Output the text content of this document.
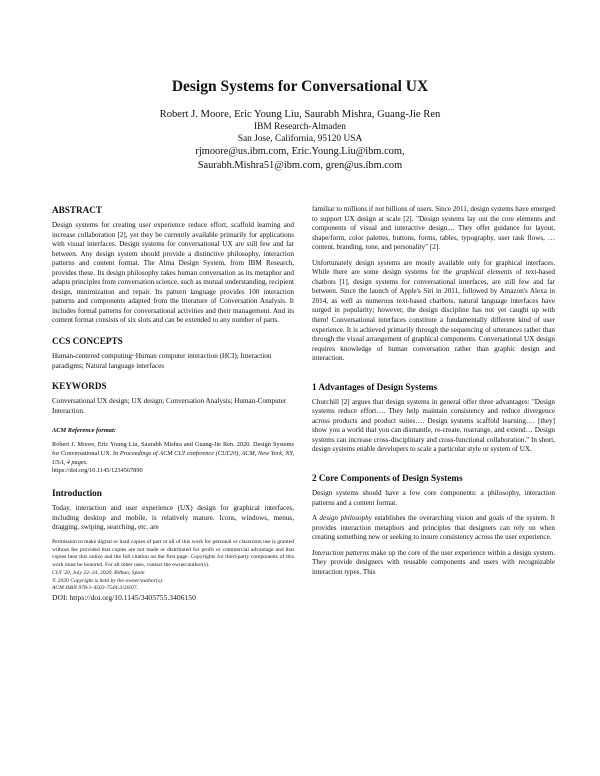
Design Systems for Conversational UX
Robert J. Moore, Eric Young Liu, Saurabh Mishra, Guang-Jie Ren
IBM Research-Almaden
San Jose, California, 95120 USA
rjmoore@us.ibm.com, Eric.Young.Liu@ibm.com,
Saurabh.Mishra51@ibm.com, gren@us.ibm.com
ABSTRACT

Design systems for creating user experience reduce effort, scaffold learning and increase collaboration [2], yet they be currently available primarily for applications with visual interfaces. Design systems for conversational UX are still few and far between. Any design system should provide a distinctive philosophy, interaction patterns and content format. The Alma Design System, from IBM Research, provides these. Its design philosophy takes human conversation as its metaphor and adapts principles from conversation science, such as mutual understanding, recipient design, minimization and repair. Its pattern language provides 100 interaction patterns and components adapted from the literature of Conversation Analysis. It includes formal patterns for conversational activities and their management. And its content format consists of six slots and can be extended to any number of parts.

CCS CONCEPTS

Human-centered computing~Human computer interaction (HCI); Interaction paradigms; Natural language interfaces

KEYWORDS

Conversational UX design; UX design; Conversation Analysis; Human-Computer Interaction.

ACM Reference format:
Robert J. Moore, Eric Young Liu, Saurabh Mishra and Guang-Jie Ren. 2020. Design Systems for Conversational UX. In Proceedings of ACM CUI conference (CUI'20), ACM, New York, NY, USA, 4 pages.
https://doi.org/10.1145/1234567890
Introduction

Today, interaction and user experience (UX) design for graphical interfaces, including desktop and mobile, is relatively mature. Icons, windows, menus, dragging, swiping, searching, etc. are

Permission to make digital or hard copies of part or all of this work for personal or classroom use is granted without fee provided that copies are not made or distributed for profit or commercial advantage and that copies bear this notice and the full citation on the first page. Copyrights for third-party components of this work must be honored. For all other uses, contact the owner/author(s).
CUI '20, July 22–24, 2020, Bilbao, Spain
© 2020 Copyright is held by the owner/author(s).
ACM ISBN 978-1-4503-7544-3/20/07.
DOI: https://doi.org/10.1145/3405755.3406150

familiar to millions if not billions of users. Since 2011, design systems have emerged to support UX design at scale [2]. "Design systems lay out the core elements and components of visual and interactive design.... They offer guidance for layout, shape/form, color palettes, buttons, forms, tables, typography, user task flows, …content, branding, tone, and personality" [2].

Unfortunately design systems are mostly available only for graphical interfaces. While there are some design systems for the graphical elements of text-based chatbots [1], design systems for conversational interfaces, are still few and far between. Since the launch of Apple's Siri in 2011, followed by Amazon's Alexa in 2014, as well as numerous text-based chatbots, natural language interfaces have surged in popularity; however, the design discipline has not yet caught up with them! Conversational interfaces constitute a fundamentally different kind of user experience. It is achieved primarily through the sequencing of utterances rather than through the visual arrangement of graphical components. Conversational UX design requires knowledge of human conversation rather than graphic design and interaction.

1 Advantages of Design Systems

Churchill [2] argues that design systems in general offer three advantages: "Design systems reduce effort…. They help maintain consistency and reduce divergence across products and product suites…. Design systems scaffold learning…. [they] show you a world that you can dismantle, re-create, rearrange, and extend… Design systems can increase cross-disciplinary and cross-functional collaboration." In short, design systems enable developers to scale a particular style or system of UX.

2 Core Components of Design Systems

Design systems should have a few core components: a philosophy, interaction patterns and a content format.

A design philosophy establishes the overarching vision and goals of the system. It provides interaction metaphors and principles that designers can rely on when creating something new or seeking to insure consistency across the user experience.

Interaction patterns make up the core of the user experience within a design system. They provide designers with reusable components and users with recognizable interaction types. This
